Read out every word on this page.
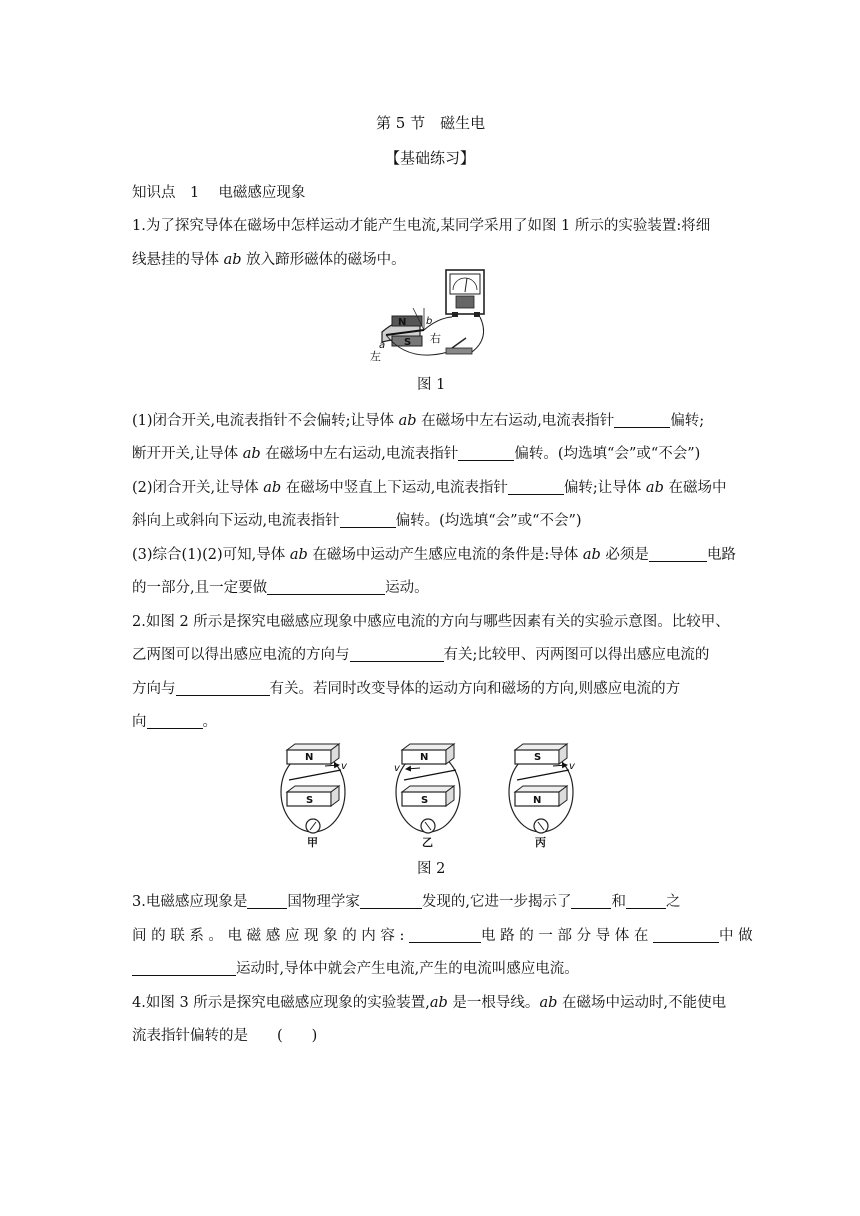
第 5 节　磁生电
【基础练习】
知识点　1　 电磁感应现象
1.为了探究导体在磁场中怎样运动才能产生电流,某同学采用了如图 1 所示的实验装置:将细
线悬挂的导体 ab 放入蹄形磁体的磁场中。
N
S
b
a
右
左
图 1
(1)闭合开关,电流表指针不会偏转;让导体 ab 在磁场中左右运动,电流表指针	偏转;
断开开关,让导体 ab 在磁场中左右运动,电流表指针	偏转。(均选填“会”或“不会”)
(2)闭合开关,让导体 ab 在磁场中竖直上下运动,电流表指针	偏转;让导体 ab 在磁场中
斜向上或斜向下运动,电流表指针	偏转。(均选填“会”或“不会”)
(3)综合(1)(2)可知,导体 ab 在磁场中运动产生感应电流的条件是:导体 ab 必须是	电路
的一部分,且一定要做	运动。
2.如图 2 所示是探究电磁感应现象中感应电流的方向与哪些因素有关的实验示意图。比较甲、
乙两图可以得出感应电流的方向与	有关;比较甲、丙两图可以得出感应电流的
方向与	有关。若同时改变导体的运动方向和磁场的方向,则感应电流的方
向	。
N
S
v
甲
N
S
v
乙
S
N
v
丙
图 2
3.电磁感应现象是	国物理学家	发现的,它进一步揭示了	和	之
间 的 联 系 。 电 磁 感 应 现 象 的 内 容 :	电 路 的 一 部 分 导 体 在	中 做
运动时,导体中就会产生电流,产生的电流叫感应电流。
4.如图 3 所示是探究电磁感应现象的实验装置,ab 是一根导线。ab 在磁场中运动时,不能使电
流表指针偏转的是　　(　　)
